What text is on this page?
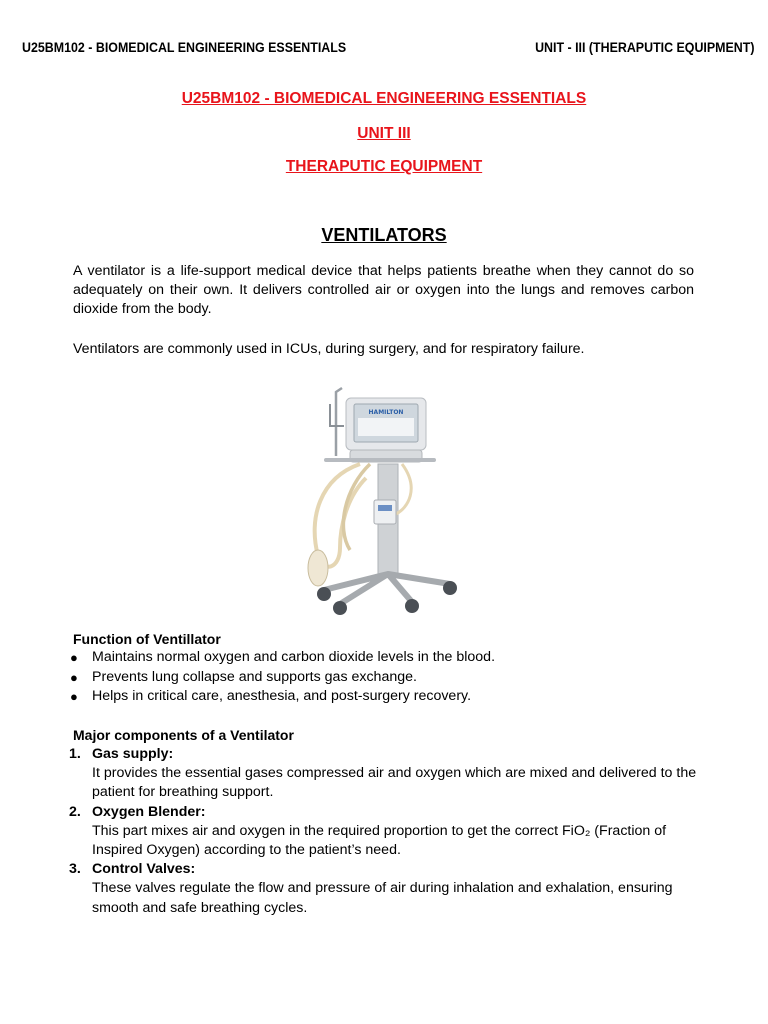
U25BM102 - BIOMEDICAL ENGINEERING ESSENTIALS	UNIT - III (THERAPUTIC EQUIPMENT)
U25BM102 - BIOMEDICAL ENGINEERING ESSENTIALS
UNIT III
THERAPUTIC EQUIPMENT
VENTILATORS

A ventilator is a life-support medical device that helps patients breathe when they cannot do so adequately on their own. It delivers controlled air or oxygen into the lungs and removes carbon dioxide from the body.

Ventilators are commonly used in ICUs, during surgery, and for respiratory failure.

HAMILTON
Function of Ventillator
● Maintains normal oxygen and carbon dioxide levels in the blood.
● Prevents lung collapse and supports gas exchange.
● Helps in critical care, anesthesia, and post-surgery recovery.
Major components of a Ventilator
1. Gas supply:
It provides the essential gases compressed air and oxygen which are mixed and delivered to the patient for breathing support.
2. Oxygen Blender:
This part mixes air and oxygen in the required proportion to get the correct FiO₂ (Fraction of Inspired Oxygen) according to the patient’s need.
3. Control Valves:
These valves regulate the flow and pressure of air during inhalation and exhalation, ensuring smooth and safe breathing cycles.
